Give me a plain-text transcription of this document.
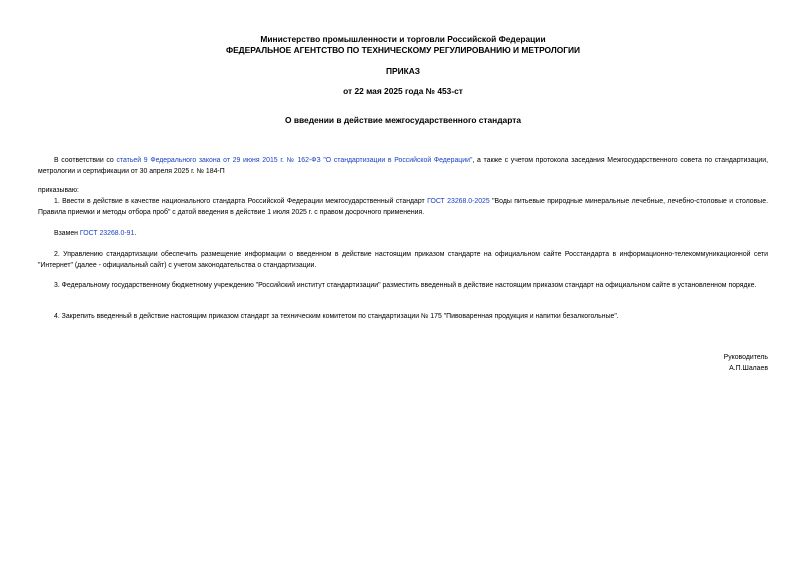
Министерство промышленности и торговли Российской Федерации
ФЕДЕРАЛЬНОЕ АГЕНТСТВО ПО ТЕХНИЧЕСКОМУ РЕГУЛИРОВАНИЮ И МЕТРОЛОГИИ
ПРИКАЗ
от 22 мая 2025 года № 453-ст
О введении в действие межгосударственного стандарта
В соответствии со статьей 9 Федерального закона от 29 июня 2015 г. № 162-ФЗ "О стандартизации в Российской Федерации", а также с учетом протокола заседания Межгосударственного совета по стандартизации, метрологии и сертификации от 30 апреля 2025 г. № 184-П
приказываю:
1. Ввести в действие в качестве национального стандарта Российской Федерации межгосударственный стандарт ГОСТ 23268.0-2025 "Воды питьевые природные минеральные лечебные, лечебно-столовые и столовые. Правила приемки и методы отбора проб" с датой введения в действие 1 июля 2025 г. с правом досрочного применения.
Взамен ГОСТ 23268.0-91.
2. Управлению стандартизации обеспечить размещение информации о введенном в действие настоящим приказом стандарте на официальном сайте Росстандарта в информационно-телекоммуникационной сети "Интернет" (далее - официальный сайт) с учетом законодательства о стандартизации.
3. Федеральному государственному бюджетному учреждению "Российский институт стандартизации" разместить введенный в действие настоящим приказом стандарт на официальном сайте в установленном порядке.
4. Закрепить введенный в действие настоящим приказом стандарт за техническим комитетом по стандартизации № 175 "Пивоваренная продукция и напитки безалкогольные".
Руководитель
А.П.Шалаев
